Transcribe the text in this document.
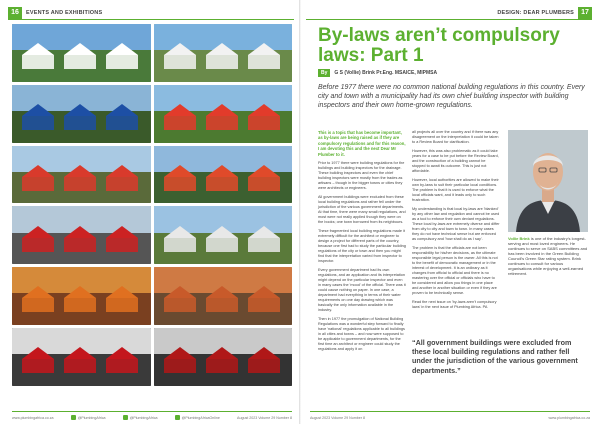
16	EVENTS AND EXHIBITIONS
www.plumbingafrica.co.za	@PlumbingAfrica	@PlumbingAfrica	@PlumbingAfricaOnline	August 2023 Volume 29 Number 8
DESIGN: DEAR PLUMBERS	17
By-laws aren’t compulsory laws: Part 1
By	G S (Vollie) Brink Pr.Eng. MSAICE, MIPMSA

Before 1977 there were no common national building regulations in this country. Every city and town with a municipality had its own chief building inspector with building inspectors and their own home-grown regulations.

This is a topic that has become important, as by-laws are being raised as if they are compulsory regulations and for this reason, I am devoting this and the next Dear Mr Plumber to it.

Prior to 1977 there were building regulations for the buildings and building inspectors for the drainage. These building inspectors and even the chief building inspectors were mostly from the trades as artisans – though in the bigger towns or cities they were architects or engineers.

All government buildings were excluded from these local building regulations and rather fell under the jurisdiction of the various government departments. At that time, there were many small regulations, and most were not really applied though they were on the books; one town borrowed from its neighbours.

These fragmented local building regulations made it extremely difficult for the architect or engineer to design a project for different parts of the country, because one first had to study the particular building regulations of the city or town and then you might find that the interpretation varied from inspector to inspector.

Every government department had its own regulations, and an application and its interpretation might depend on the particular inspector and even in many cases the 'mood' of the official. There was it could cause nothing on paper. In one case, a department had everything in terms of their water requirements on one day drawing which was basically the only information available in the industry.

Then in 1977 the promulgation of National Building Regulations was a wonderful step forward to finally have 'national' regulations applicable to all buildings in all cities and towns – and now were supposed to be applicable to government departments, for the first time an architect or engineer could study the regulations and apply it on

all projects all over the country and if there was any disagreement on the interpretation it could be taken to a Review Board for clarification.

However, this was also problematic as it could take years for a case to be put before the Review Board, and the construction of a building cannot be stopped to await its outcome. This is just not affordable.

However, local authorities are allowed to make their own by-laws to suit their particular local conditions. The problem is that it is used to enforce what the local officials want, and it leads only to such frustration.

My understanding is that local by-laws are 'blanked' by any other law and regulation and cannot be used as a tool to enforce their own deviant regulations. These local by-laws are extremely diverse and differ from city to city and town to town. In many cases they do not have technical sense but are enforced as compulsory and 'how shall do as I say'.

The problem is that the officials are not keen responsibility for his/her decisions, as the ultimate responsible legal person is the owner. All this is not to the benefit of democratic management or in the interest of development. It is an ordinary as it changes from official to official and there is no mastering over the official or officials who have to be considered and allow you things in one place and another in another situation or even if they are proven to be technically sense.

Read the next issue on 'by-laws aren’t compulsory laws' in the next issue of Plumbing Africa. PA

Vollie Brink is one of the industry's longest-serving and most loved engineers. He continues to serve on SABS committees and has been involved in the Green Building Council's Green Star rating system. Brink continues to consult for various organisations while enjoying a well-earned retirement.

“All government buildings were excluded from these local building regulations and rather fell under the jurisdiction of the various government departments.”

August 2023 Volume 29 Number 8	www.plumbingafrica.co.za
